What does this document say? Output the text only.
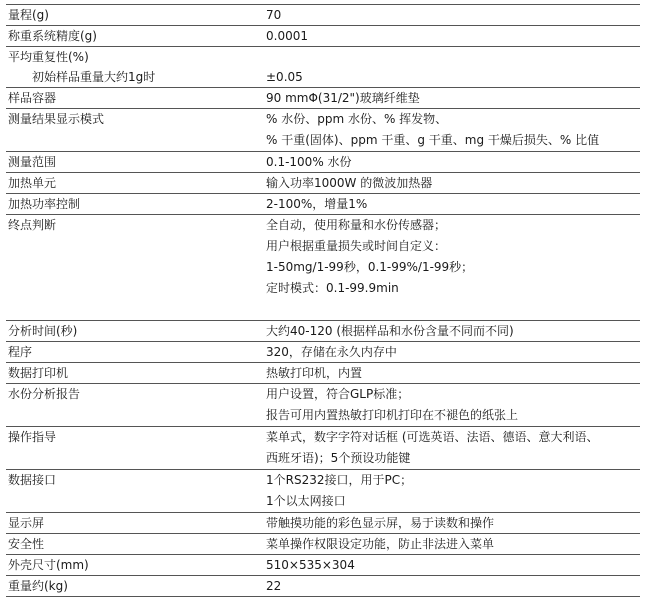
量程(g)	70
称重系统精度(g)	0.0001
平均重复性(%)

初始样品重量大约1g时	±0.05
样品容器	90 mmΦ(31/2")玻璃纤维垫
测量结果显示模式	% 水份、ppm 水份、% 挥发物、
% 干重(固体)、ppm 干重、g 干重、mg 干燥后损失、% 比值
测量范围	0.1-100% 水份
加热单元	输入功率1000W 的微波加热器
加热功率控制	2-100%，增量1%
终点判断	全自动，使用称量和水份传感器；
用户根据重量损失或时间自定义：
1-50mg/1-99秒，0.1-99%/1-99秒；
定时模式：0.1-99.9min

分析时间(秒)	大约40-120 (根据样品和水份含量不同而不同)
程序	320，存储在永久内存中
数据打印机	热敏打印机，内置
水份分析报告	用户设置，符合GLP标准；
报告可用内置热敏打印机打印在不褪色的纸张上
操作指导	菜单式，数字字符对话框 (可选英语、法语、德语、意大利语、
西班牙语)；5个预设功能键
数据接口	1个RS232接口，用于PC；
1个以太网接口
显示屏	带触摸功能的彩色显示屏，易于读数和操作
安全性	菜单操作权限设定功能，防止非法进入菜单
外壳尺寸(mm)	510×535×304
重量约(kg)	22
